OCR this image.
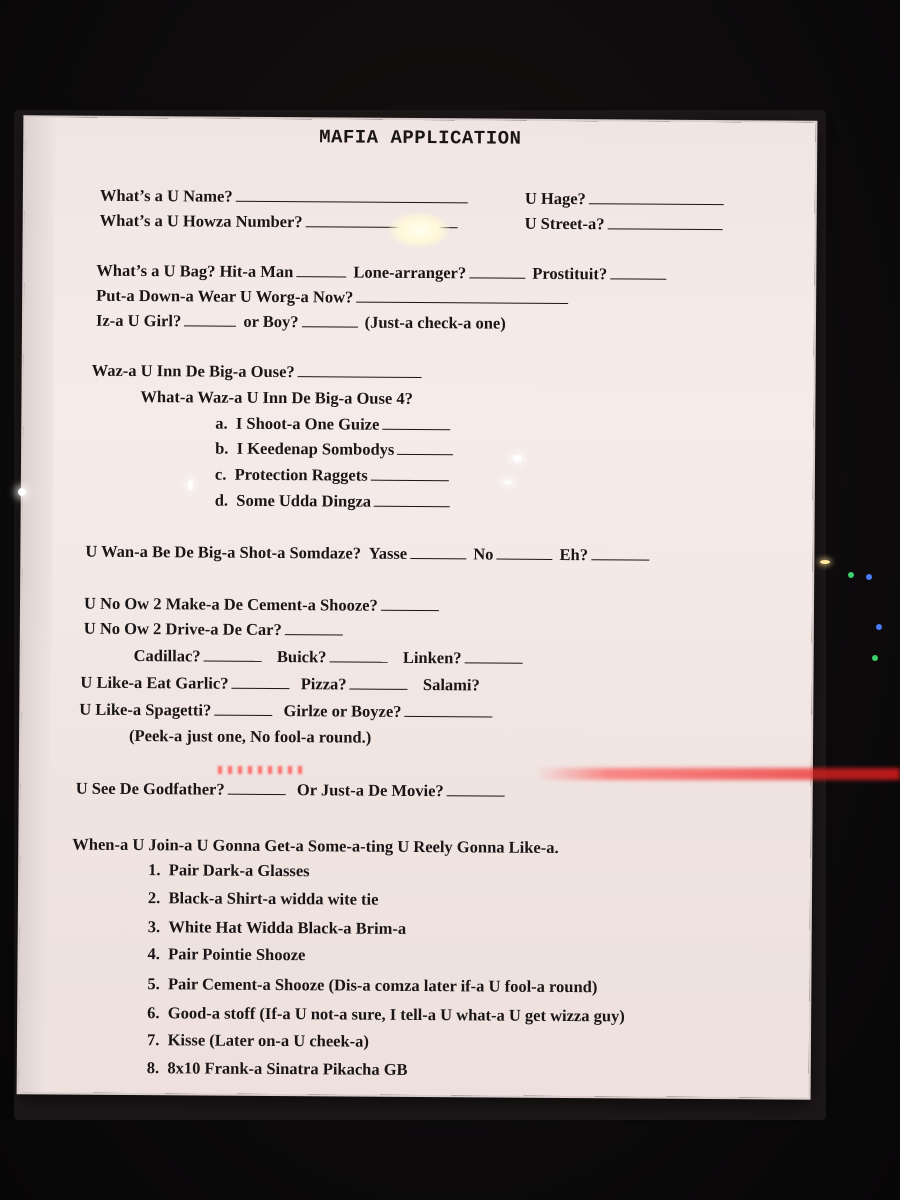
MAFIA APPLICATION
What’s a U Name?	U Hage?
What’s a U Howza Number?	U Street-a?
What’s a U Bag? Hit-a Man	Lone-arranger?	Prostituit?
Put-a Down-a Wear U Worg-a Now?
Iz-a U Girl?	or Boy?	(Just-a check-a one)
Waz-a U Inn De Big-a Ouse?
What-a Waz-a U Inn De Big-a Ouse 4?
a. I Shoot-a One Guize
b. I Keedenap Sombodys
c. Protection Raggets
d. Some Udda Dingza
U Wan-a Be De Big-a Shot-a Somdaze? Yasse	No	Eh?
U No Ow 2 Make-a De Cement-a Shooze?
U No Ow 2 Drive-a De Car?
Cadillac?	Buick?	Linken?
U Like-a Eat Garlic?	Pizza?	Salami?
U Like-a Spagetti?	Girlze or Boyze?
(Peek-a just one, No fool-a round.)
U See De Godfather?	Or Just-a De Movie?
When-a U Join-a U Gonna Get-a Some-a-ting U Reely Gonna Like-a.
1. Pair Dark-a Glasses
2. Black-a Shirt-a widda wite tie
3. White Hat Widda Black-a Brim-a
4. Pair Pointie Shooze
5. Pair Cement-a Shooze (Dis-a comza later if-a U fool-a round)
6. Good-a stoff (If-a U not-a sure, I tell-a U what-a U get wizza guy)
7. Kisse (Later on-a U cheek-a)
8. 8x10 Frank-a Sinatra Pikacha GB
